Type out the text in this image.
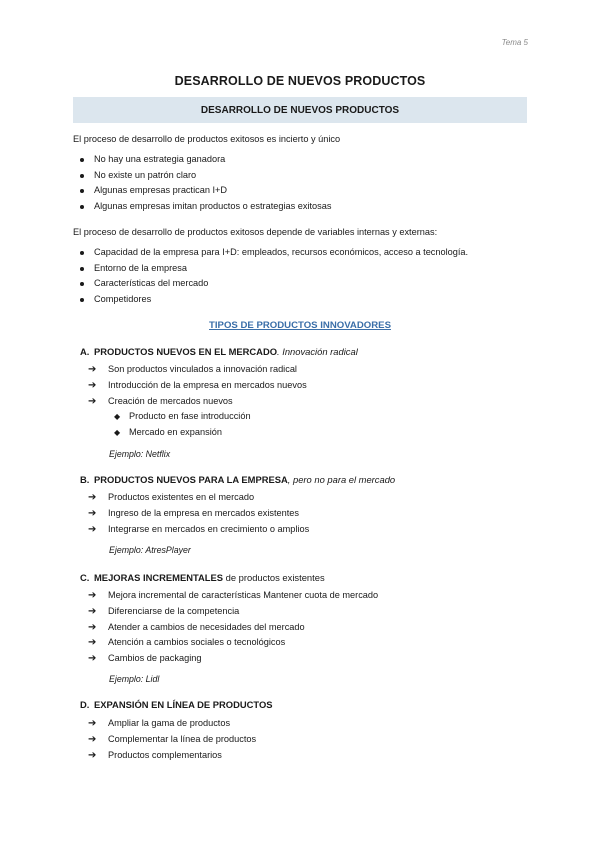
Tema 5
DESARROLLO DE NUEVOS PRODUCTOS
DESARROLLO DE NUEVOS PRODUCTOS
El proceso de desarrollo de productos exitosos es incierto y único
No hay una estrategia ganadora
No existe un patrón claro
Algunas empresas practican I+D
Algunas empresas imitan productos o estrategias exitosas
El proceso de desarrollo de productos exitosos depende de variables internas y externas:
Capacidad de la empresa para I+D: empleados, recursos económicos, acceso a tecnología.
Entorno de la empresa
Características del mercado
Competidores
TIPOS DE PRODUCTOS INNOVADORES
A. PRODUCTOS NUEVOS EN EL MERCADO. Innovación radical
➔ Son productos vinculados a innovación radical
➔ Introducción de la empresa en mercados nuevos
➔ Creación de mercados nuevos
◆ Producto en fase introducción
◆ Mercado en expansión
Ejemplo: Netflix
B. PRODUCTOS NUEVOS PARA LA EMPRESA, pero no para el mercado
➔ Productos existentes en el mercado
➔ Ingreso de la empresa en mercados existentes
➔ Integrarse en mercados en crecimiento o amplios
Ejemplo: AtresPlayer
C. MEJORAS INCREMENTALES de productos existentes
➔ Mejora incremental de características Mantener cuota de mercado
➔ Diferenciarse de la competencia
➔ Atender a cambios de necesidades del mercado
➔ Atención a cambios sociales o tecnológicos
➔ Cambios de packaging
Ejemplo: Lidl
D. EXPANSIÓN EN LÍNEA DE PRODUCTOS
➔ Ampliar la gama de productos
➔ Complementar la línea de productos
➔ Productos complementarios
